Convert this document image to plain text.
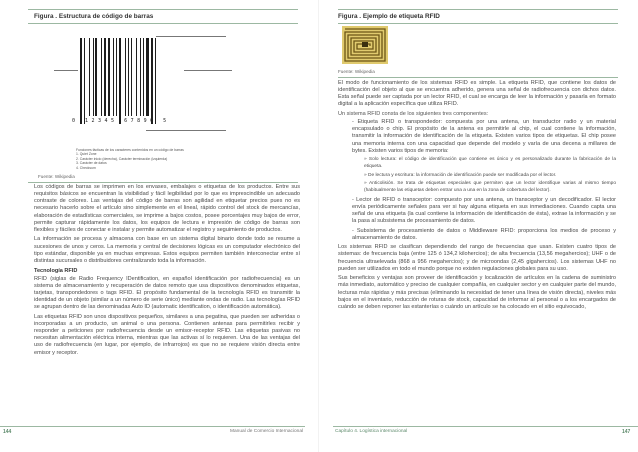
Figura . Estructura de código de barras
0 12345 67890 5
Funciones fácticas de los caracteres contenidos en un código de barras
1. Quiet Zone
2. Carácter inicio (derecha), Carácter terminación (izquierda)
3. Carácter de datos
4. Checksum
Fuente: Wikipedia

Los códigos de barras se imprimen en los envases, embalajes o etiquetas de los productos. Entre sus requisitos básicos se encuentran la visibilidad y fácil legibilidad por lo que es imprescindible un adecuado contraste de colores. Las ventajas del código de barras son agilidad en etiquetar precios pues no es necesario hacerlo sobre el artículo sino simplemente en el lineal, rápido control del stock de mercancías, elaboración de estadísticas comerciales, se imprime a bajos costos, posee porcentajes muy bajos de error, permite capturar rápidamente los datos, los equipos de lectura e impresión de código de barras son flexibles y fáciles de conectar e instalar y permite automatizar el registro y seguimiento de productos.

La información se procesa y almacena con base en un sistema digital binario donde todo se resume a sucesiones de unos y ceros. La memoria y central de decisiones lógicas es un computador electrónico del tipo estándar, disponible ya en muchas empresas. Estos equipos permiten también interconectar entre sí distintas sucursales o distribuidores centralizando toda la información.

Tecnología RFID

RFID (siglas de Radio Frequency IDentification, en español identificación por radiofrecuencia) es un sistema de almacenamiento y recuperación de datos remoto que usa dispositivos denominados etiquetas, tarjetas, transpondedores o tags RFID. El propósito fundamental de la tecnología RFID es transmitir la identidad de un objeto (similar a un número de serie único) mediante ondas de radio. Las tecnologías RFID se agrupan dentro de las denominadas Auto ID (automatic identification, o identificación automática).

Las etiquetas RFID son unos dispositivos pequeños, similares a una pegatina, que pueden ser adheridas o incorporadas a un producto, un animal o una persona. Contienen antenas para permitirles recibir y responder a peticiones por radiofrecuencia desde un emisor-receptor RFID. Las etiquetas pasivas no necesitan alimentación eléctrica interna, mientras que las activas sí lo requieren. Una de las ventajas del uso de radiofrecuencia (en lugar, por ejemplo, de infrarrojos) es que no se requiere visión directa entre emisor y receptor.

144	Manual de Comercio Internacional
Figura . Ejemplo de etiqueta RFID
Fuente: Wikipedia

El modo de funcionamiento de los sistemas RFID es simple. La etiqueta RFID, que contiene los datos de identificación del objeto al que se encuentra adherido, genera una señal de radiofrecuencia con dichos datos. Esta señal puede ser captada por un lector RFID, el cual se encarga de leer la información y pasarla en formato digital a la aplicación específica que utiliza RFID.

Un sistema RFID consta de los siguientes tres componentes:

- Etiqueta RFID o transpondedor: compuesta por una antena, un transductor radio y un material encapsulado o chip. El propósito de la antena es permitirle al chip, el cual contiene la información, transmitir la información de identificación de la etiqueta. Existen varios tipos de etiquetas. El chip posee una memoria interna con una capacidad que depende del modelo y varía de una decena a millares de bytes. Existen varios tipos de memoria:

» Solo lectura: el código de identificación que contiene es único y es personalizado durante la fabricación de la etiqueta.

» De lectura y escritura: la información de identificación puede ser modificada por el lector.

» Anticolisión. Se trata de etiquetas especiales que permiten que un lector identifique varias al mismo tiempo (habitualmente las etiquetas deben entrar una a una en la zona de cobertura del lector).

- Lector de RFID o transceptor: compuesto por una antena, un transceptor y un decodificador. El lector envía periódicamente señales para ver si hay alguna etiqueta en sus inmediaciones. Cuando capta una señal de una etiqueta (la cual contiene la información de identificación de ésta), extrae la información y se la pasa al subsistema de procesamiento de datos.

- Subsistema de procesamiento de datos o Middleware RFID: proporciona los medios de proceso y almacenamiento de datos.

Los sistemas RFID se clasifican dependiendo del rango de frecuencias que usan. Existen cuatro tipos de sistemas: de frecuencia baja (entre 125 ó 134,2 kilohercios); de alta frecuencia (13,56 megahercios); UHF o de frecuencia ultraelevada (868 a 956 megahercios); y de microondas (2,45 gigahercios). Los sistemas UHF no pueden ser utilizados en todo el mundo porque no existen regulaciones globales para su uso.

Sus beneficios y ventajas son proveer de identificación y localización de artículos en la cadena de suministro más inmediato, automático y preciso de cualquier compañía, en cualquier sector y en cualquier parte del mundo, lecturas más rápidas y más precisas (eliminando la necesidad de tener una línea de visión directa), niveles más bajos en el inventario, reducción de roturas de stock, capacidad de informar al personal o a los encargados de cuándo se deben reponer las estanterías o cuándo un artículo se ha colocado en el sitio equivocado,

Capítulo 4. Logística internacional	147
